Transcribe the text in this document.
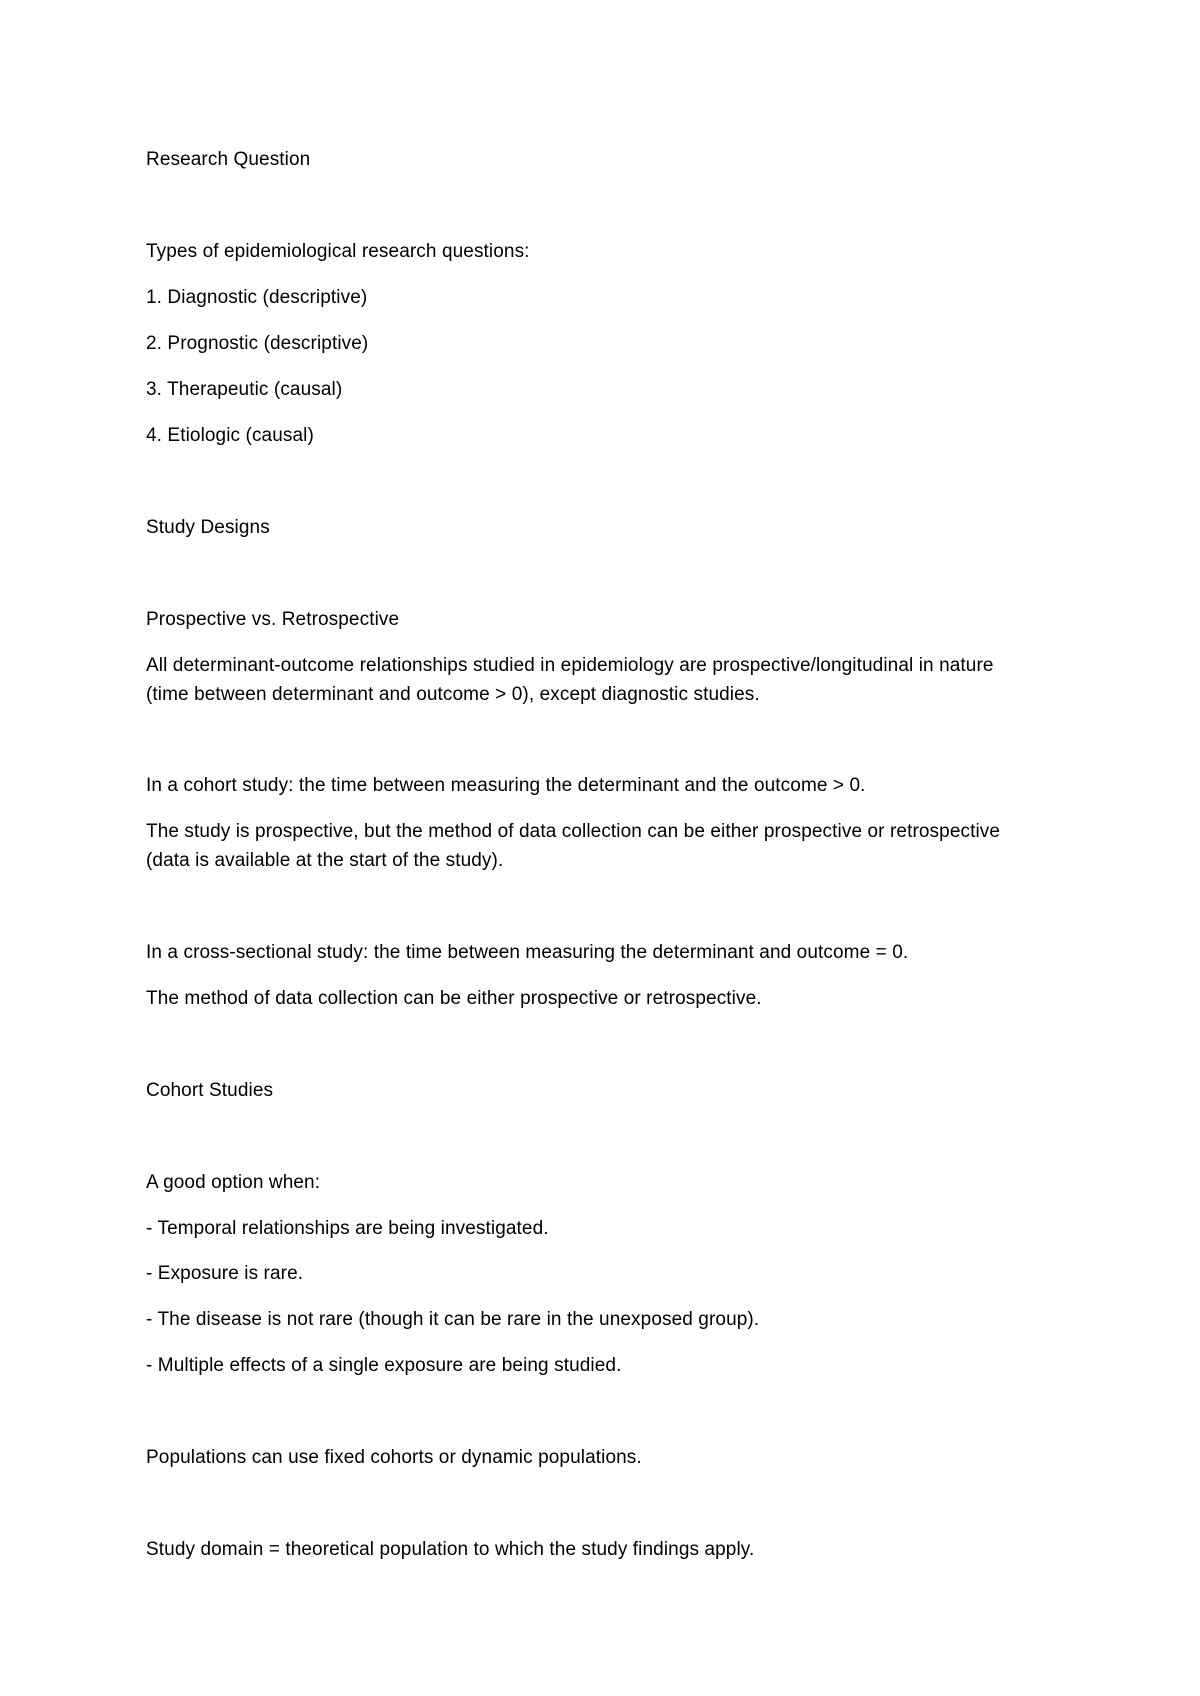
Research Question
Types of epidemiological research questions:
1. Diagnostic (descriptive)
2. Prognostic (descriptive)
3. Therapeutic (causal)
4. Etiologic (causal)
Study Designs
Prospective vs. Retrospective
All determinant-outcome relationships studied in epidemiology are prospective/longitudinal in nature (time between determinant and outcome > 0), except diagnostic studies.
In a cohort study: the time between measuring the determinant and the outcome > 0.
The study is prospective, but the method of data collection can be either prospective or retrospective (data is available at the start of the study).
In a cross-sectional study: the time between measuring the determinant and outcome = 0.
The method of data collection can be either prospective or retrospective.
Cohort Studies
A good option when:
- Temporal relationships are being investigated.
- Exposure is rare.
- The disease is not rare (though it can be rare in the unexposed group).
- Multiple effects of a single exposure are being studied.
Populations can use fixed cohorts or dynamic populations.
Study domain = theoretical population to which the study findings apply.
